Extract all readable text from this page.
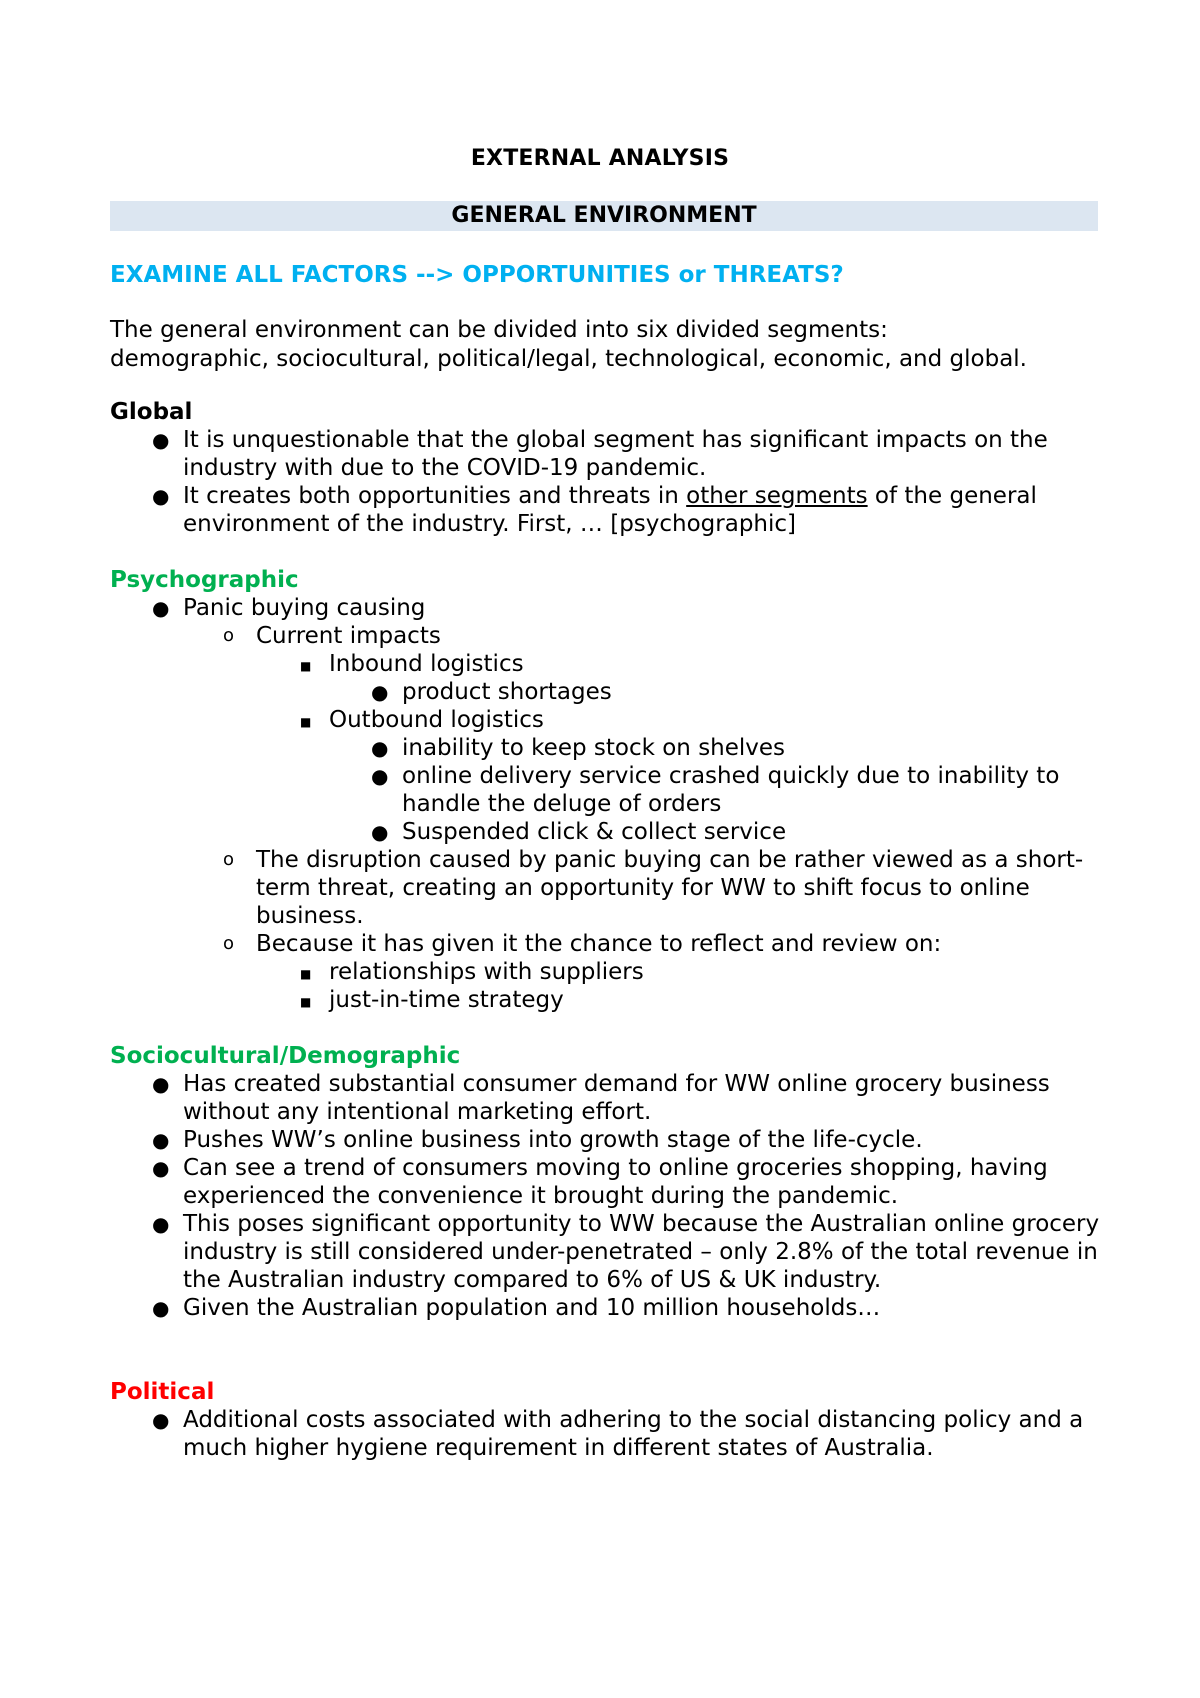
EXTERNAL ANALYSIS
GENERAL ENVIRONMENT
EXAMINE ALL FACTORS --> OPPORTUNITIES or THREATS?
The general environment can be divided into six divided segments:
demographic, sociocultural, political/legal, technological, economic, and global.
Global
● It is unquestionable that the global segment has significant impacts on the industry with due to the COVID-19 pandemic.
● It creates both opportunities and threats in other segments of the general environment of the industry. First, … [psychographic]
Psychographic
● Panic buying causing
o Current impacts
■ Inbound logistics
● product shortages
■ Outbound logistics
● inability to keep stock on shelves
● online delivery service crashed quickly due to inability to handle the deluge of orders
● Suspended click & collect service
o The disruption caused by panic buying can be rather viewed as a short-term threat, creating an opportunity for WW to shift focus to online business.
o Because it has given it the chance to reflect and review on:
■ relationships with suppliers
■ just-in-time strategy
Sociocultural/Demographic
● Has created substantial consumer demand for WW online grocery business without any intentional marketing effort.
● Pushes WW’s online business into growth stage of the life-cycle.
● Can see a trend of consumers moving to online groceries shopping, having experienced the convenience it brought during the pandemic.
● This poses significant opportunity to WW because the Australian online grocery industry is still considered under-penetrated – only 2.8% of the total revenue in the Australian industry compared to 6% of US & UK industry.
● Given the Australian population and 10 million households…
Political
● Additional costs associated with adhering to the social distancing policy and a much higher hygiene requirement in different states of Australia.
